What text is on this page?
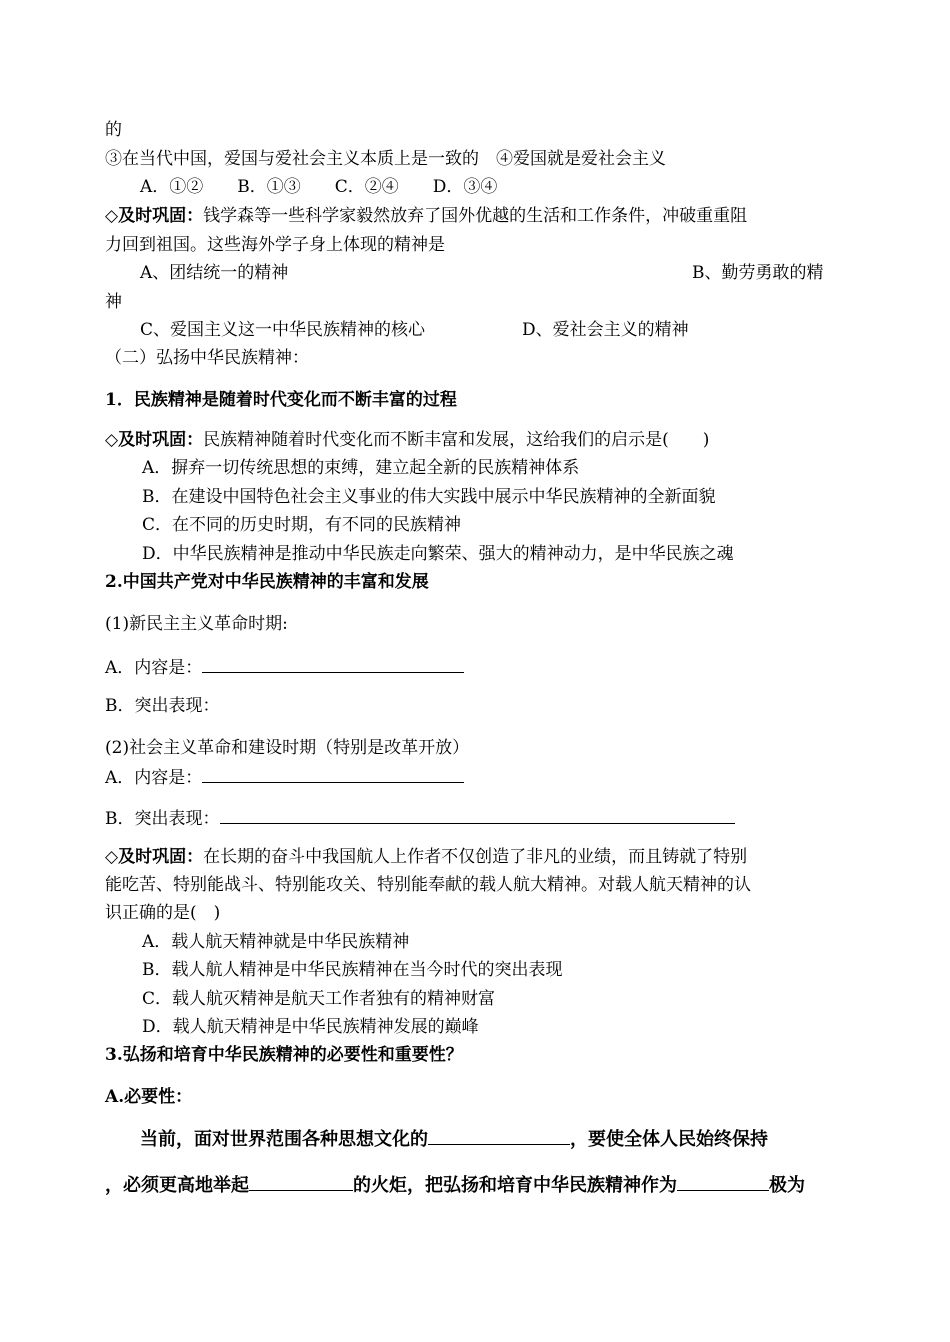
的
③在当代中国，爱国与爱社会主义本质上是一致的　④爱国就是爱社会主义
A．①②　　B．①③　　C．②④　　D．③④
◇及时巩固：钱学森等一些科学家毅然放弃了国外优越的生活和工作条件，冲破重重阻
力回到祖国。这些海外学子身上体现的精神是
A、团结统一的精神	B、勤劳勇敢的精
神
C、爱国主义这一中华民族精神的核心	D、爱社会主义的精神
（二）弘扬中华民族精神：
1．民族精神是随着时代变化而不断丰富的过程
◇及时巩固：民族精神随着时代变化而不断丰富和发展，这给我们的启示是(　　)
A．摒弃一切传统思想的束缚，建立起全新的民族精神体系
B．在建设中国特色社会主义事业的伟大实践中展示中华民族精神的全新面貌
C．在不同的历史时期，有不同的民族精神
D．中华民族精神是推动中华民族走向繁荣、强大的精神动力，是中华民族之魂
2.中国共产党对中华民族精神的丰富和发展
(1)新民主主义革命时期:
A．内容是：
B．突出表现：
(2)社会主义革命和建设时期（特别是改革开放）
A．内容是：
B．突出表现：
◇及时巩固：在长期的奋斗中我国航人上作者不仅创造了非凡的业绩，而且铸就了特别
能吃苦、特别能战斗、特别能攻关、特别能奉献的载人航大精神。对载人航天精神的认
识正确的是(　)
A．载人航天精神就是中华民族精神
B．载人航人精神是中华民族精神在当今时代的突出表现
C．载人航灭精神是航天工作者独有的精神财富
D．载人航天精神是中华民族精神发展的巅峰
3.弘扬和培育中华民族精神的必要性和重要性？
A.必要性：
当前，面对世界范围各种思想文化的	，要使全体人民始终保持
，必须更高地举起	的火炬，把弘扬和培育中华民族精神作为	极为
